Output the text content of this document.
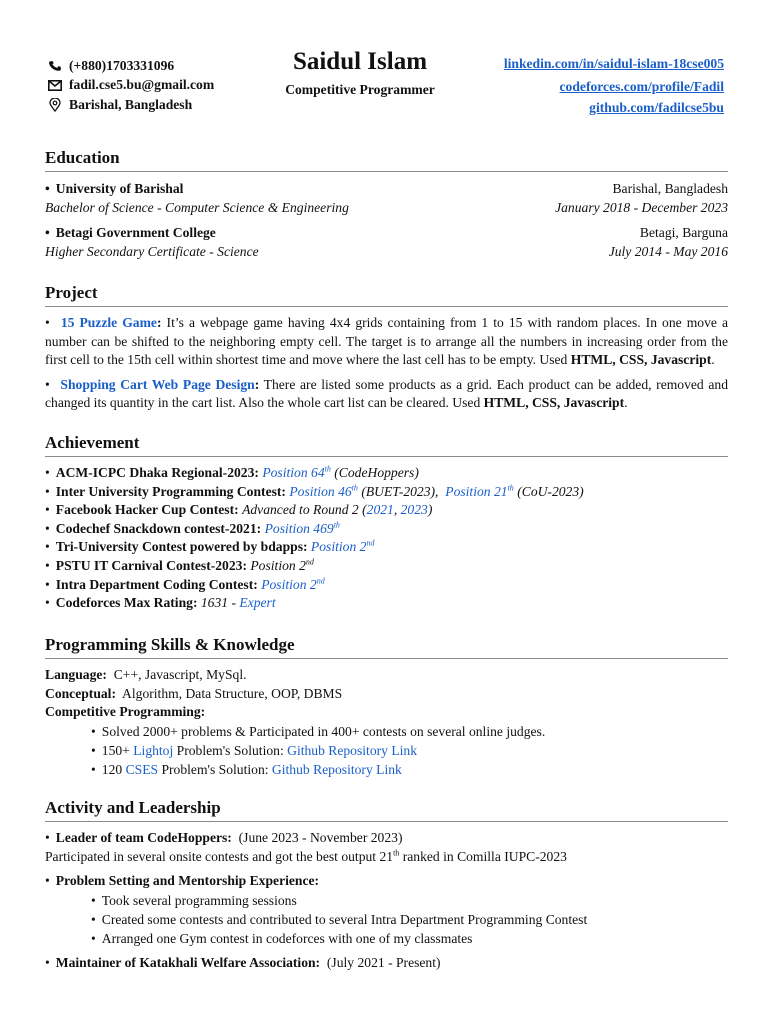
(+880)1703331096
fadil.cse5.bu@gmail.com
Barishal, Bangladesh
Saidul Islam
Competitive Programmer
linkedin.com/in/saidul-islam-18cse005
codeforces.com/profile/Fadil
github.com/fadilcse5bu
Education
• University of Barishal	Barishal, Bangladesh
Bachelor of Science - Computer Science & Engineering	January 2018 - December 2023
• Betagi Government College	Betagi, Barguna
Higher Secondary Certificate - Science	July 2014 - May 2016
Project
• 15 Puzzle Game: It’s a webpage game having 4x4 grids containing from 1 to 15 with random places. In one move a number can be shifted to the neighboring empty cell. The target is to arrange all the numbers in increasing order from the first cell to the 15th cell within shortest time and move where the last cell has to be empty. Used HTML, CSS, Javascript.
• Shopping Cart Web Page Design: There are listed some products as a grid. Each product can be added, removed and changed its quantity in the cart list. Also the whole cart list can be cleared. Used HTML, CSS, Javascript.
Achievement
• ACM-ICPC Dhaka Regional-2023: Position 64th (CodeHoppers)
• Inter University Programming Contest: Position 46th (BUET-2023), Position 21th (CoU-2023)
• Facebook Hacker Cup Contest: Advanced to Round 2 (2021, 2023)
• Codechef Snackdown contest-2021: Position 469th
• Tri-University Contest powered by bdapps: Position 2nd
• PSTU IT Carnival Contest-2023: Position 2nd
• Intra Department Coding Contest: Position 2nd
• Codeforces Max Rating: 1631 - Expert
Programming Skills & Knowledge
Language: C++, Javascript, MySql.
Conceptual: Algorithm, Data Structure, OOP, DBMS
Competitive Programming:
• Solved 2000+ problems & Participated in 400+ contests on several online judges.
• 150+ Lightoj Problem's Solution: Github Repository Link
• 120 CSES Problem's Solution: Github Repository Link
Activity and Leadership
• Leader of team CodeHoppers: (June 2023 - November 2023)
Participated in several onsite contests and got the best output 21th ranked in Comilla IUPC-2023
• Problem Setting and Mentorship Experience:
• Took several programming sessions
• Created some contests and contributed to several Intra Department Programming Contest
• Arranged one Gym contest in codeforces with one of my classmates
• Maintainer of Katakhali Welfare Association: (July 2021 - Present)
